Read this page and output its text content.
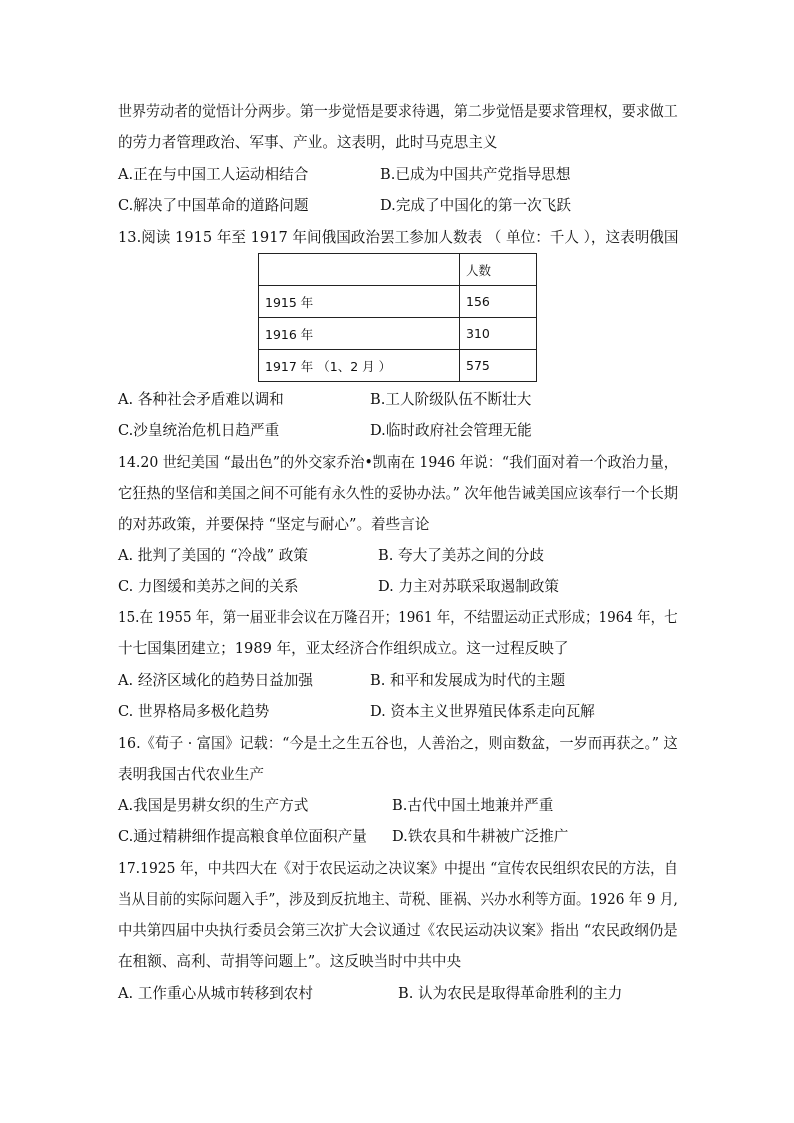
世界劳动者的觉悟计分两步。第一步觉悟是要求待遇，第二步觉悟是要求管理权，要求做工
的劳力者管理政治、军事、产业。这表明，此时马克思主义
A.正在与中国工人运动相结合	B.已成为中国共产党指导思想
C.解决了中国革命的道路问题	D.完成了中国化的第一次飞跃
13.阅读 1915 年至 1917 年间俄国政治罢工参加人数表 （ 单位：千人 ），这表明俄国
	人数
1915 年	156
1916 年	310
1917 年 （1、2 月 ）	575
A. 各种社会矛盾难以调和	B.工人阶级队伍不断壮大
C.沙皇统治危机日趋严重	D.临时政府社会管理无能
14.20 世纪美国 “最出色”的外交家乔治•凯南在 1946 年说：“我们面对着一个政治力量，
它狂热的坚信和美国之间不可能有永久性的妥协办法。” 次年他告诫美国应该奉行一个长期
的对苏政策，并要保持 “坚定与耐心”。着些言论
A. 批判了美国的 “冷战” 政策	B. 夸大了美苏之间的分歧
C. 力图缓和美苏之间的关系	D. 力主对苏联采取遏制政策
15.在 1955 年，第一届亚非会议在万隆召开；1961 年，不结盟运动正式形成；1964 年，七
十七国集团建立；1989 年，亚太经济合作组织成立。这一过程反映了
A. 经济区域化的趋势日益加强	B. 和平和发展成为时代的主题
C. 世界格局多极化趋势	D. 资本主义世界殖民体系走向瓦解
16.《荀子 · 富国》记载：“今是土之生五谷也，人善治之，则亩数盆，一岁而再获之。” 这
表明我国古代农业生产
A.我国是男耕女织的生产方式	B.古代中国土地兼并严重
C.通过精耕细作提高粮食单位面积产量 D.铁农具和牛耕被广泛推广
17.1925 年，中共四大在《对于农民运动之决议案》中提出 “宣传农民组织农民的方法，自
当从目前的实际问题入手”，涉及到反抗地主、苛税、匪祸、兴办水利等方面。1926 年 9 月,
中共第四届中央执行委员会第三次扩大会议通过《农民运动决议案》指出 “农民政纲仍是
在租额、高利、苛捐等问题上”。这反映当时中共中央
A. 工作重心从城市转移到农村	B. 认为农民是取得革命胜利的主力
